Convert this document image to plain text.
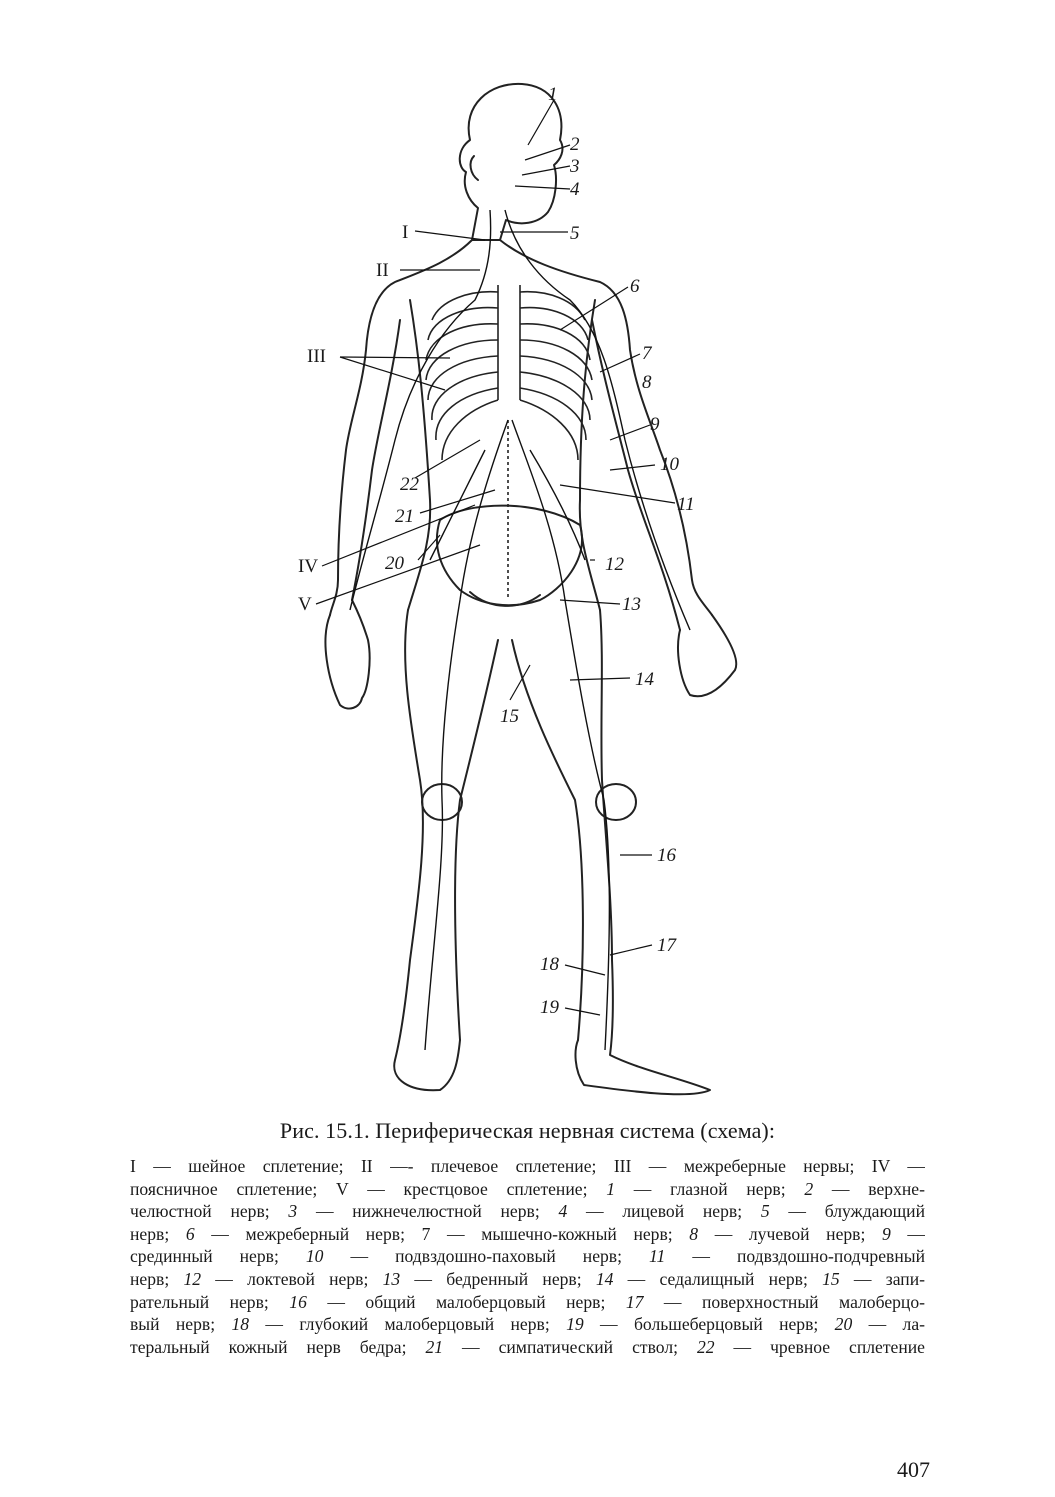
1
2
3
4
5
6
7
8
9
10
11
12
13
14
15
16
17
18
19
20
21
22
I
II
III
IV
V
Рис. 15.1. Периферическая нервная система (схема):
I — шейное сплетение; II —- плечевое сплетение; III — межреберные нервы; IV —
поясничное сплетение; V — крестцовое сплетение; 1 — глазной нерв; 2 — верхне-
челюстной нерв; 3 — нижнечелюстной нерв; 4 — лицевой нерв; 5 — блуждающий
нерв; 6 — межреберный нерв; 7 — мышечно-кожный нерв; 8 — лучевой нерв; 9 —
срединный нерв; 10 — подвздошно-паховый нерв; 11 — подвздошно-подчревный
нерв; 12 — локтевой нерв; 13 — бедренный нерв; 14 — седалищный нерв; 15 — запи-
рательный нерв; 16 — общий малоберцовый нерв; 17 — поверхностный малоберцо-
вый нерв; 18 — глубокий малоберцовый нерв; 19 — большеберцовый нерв; 20 — ла-
теральный кожный нерв бедра; 21 — симпатический ствол; 22 — чревное сплетение
407
